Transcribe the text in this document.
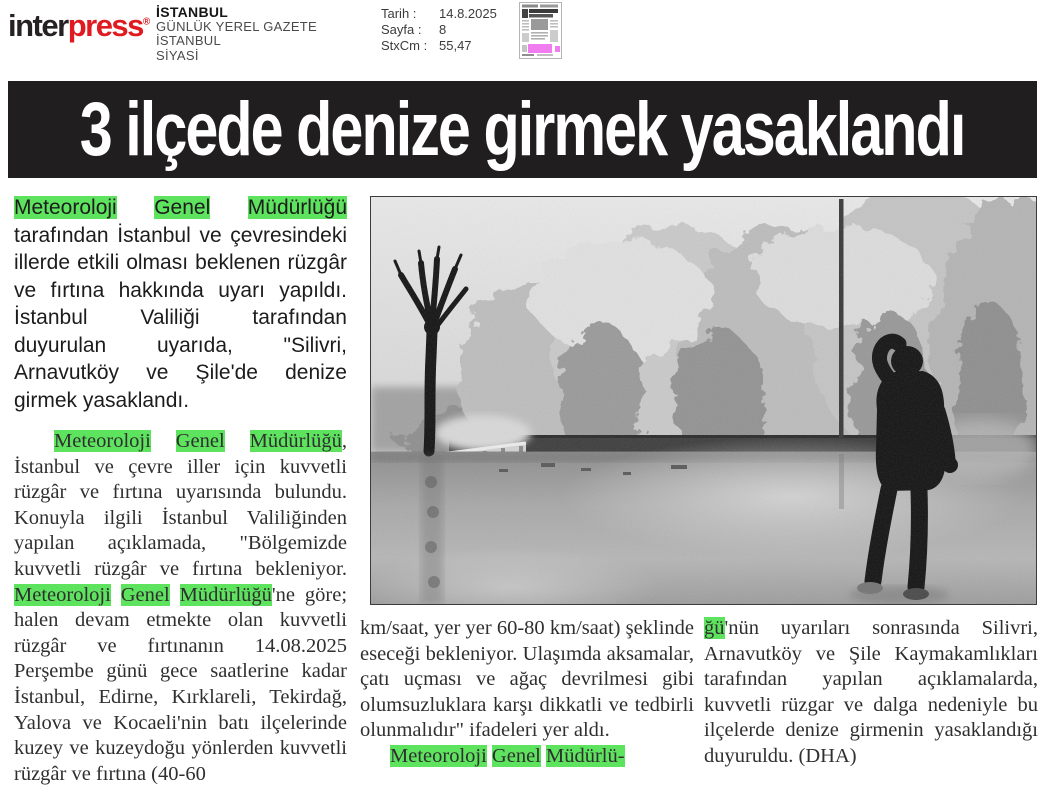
interpress®
İSTANBUL
GÜNLÜK YEREL GAZETE
İSTANBUL
SİYASİ
Tarih :	14.8.2025
Sayfa :	8
StxCm : 55,47
3 ilçede denize girmek yasaklandı

Meteoroloji Genel Müdürlüğü tarafından İstanbul ve çevresindeki illerde etkili olması beklenen rüzgâr ve fırtına hakkında uyarı yapıldı. İstanbul Valiliği tarafından duyurulan uyarıda, "Silivri, Arnavutköy ve Şile'de denize girmek yasaklandı.

Meteoroloji Genel Müdürlüğü, İstanbul ve çevre iller için kuvvetli rüzgâr ve fırtına uyarısında bulundu. Konuyla ilgili İstanbul Valiliğinden yapılan açıklamada, "Bölgemizde kuvvetli rüzgâr ve fırtına bekleniyor. Meteoroloji Genel Müdürlüğü'ne göre; halen devam etmekte olan kuvvetli rüzgâr ve fırtınanın 14.08.2025 Perşembe günü gece saatlerine kadar İstanbul, Edirne, Kırklareli, Tekirdağ, Yalova ve Kocaeli'nin batı ilçelerinde kuzey ve kuzeydoğu yönlerden kuvvetli rüzgâr ve fırtına (40-60

km/saat, yer yer 60-80 km/saat) şeklinde eseceği bekleniyor. Ulaşımda aksamalar, çatı uçması ve ağaç devrilmesi gibi olumsuzluklara karşı dikkatli ve tedbirli olunmalıdır" ifadeleri yer aldı.

Meteoroloji Genel Müdürlü-

ğü'nün uyarıları sonrasında Silivri, Arnavutköy ve Şile Kaymakamlıkları tarafından yapılan açıklamalarda, kuvvetli rüzgar ve dalga nedeniyle bu ilçelerde denize girmenin yasaklandığı duyuruldu. (DHA)
